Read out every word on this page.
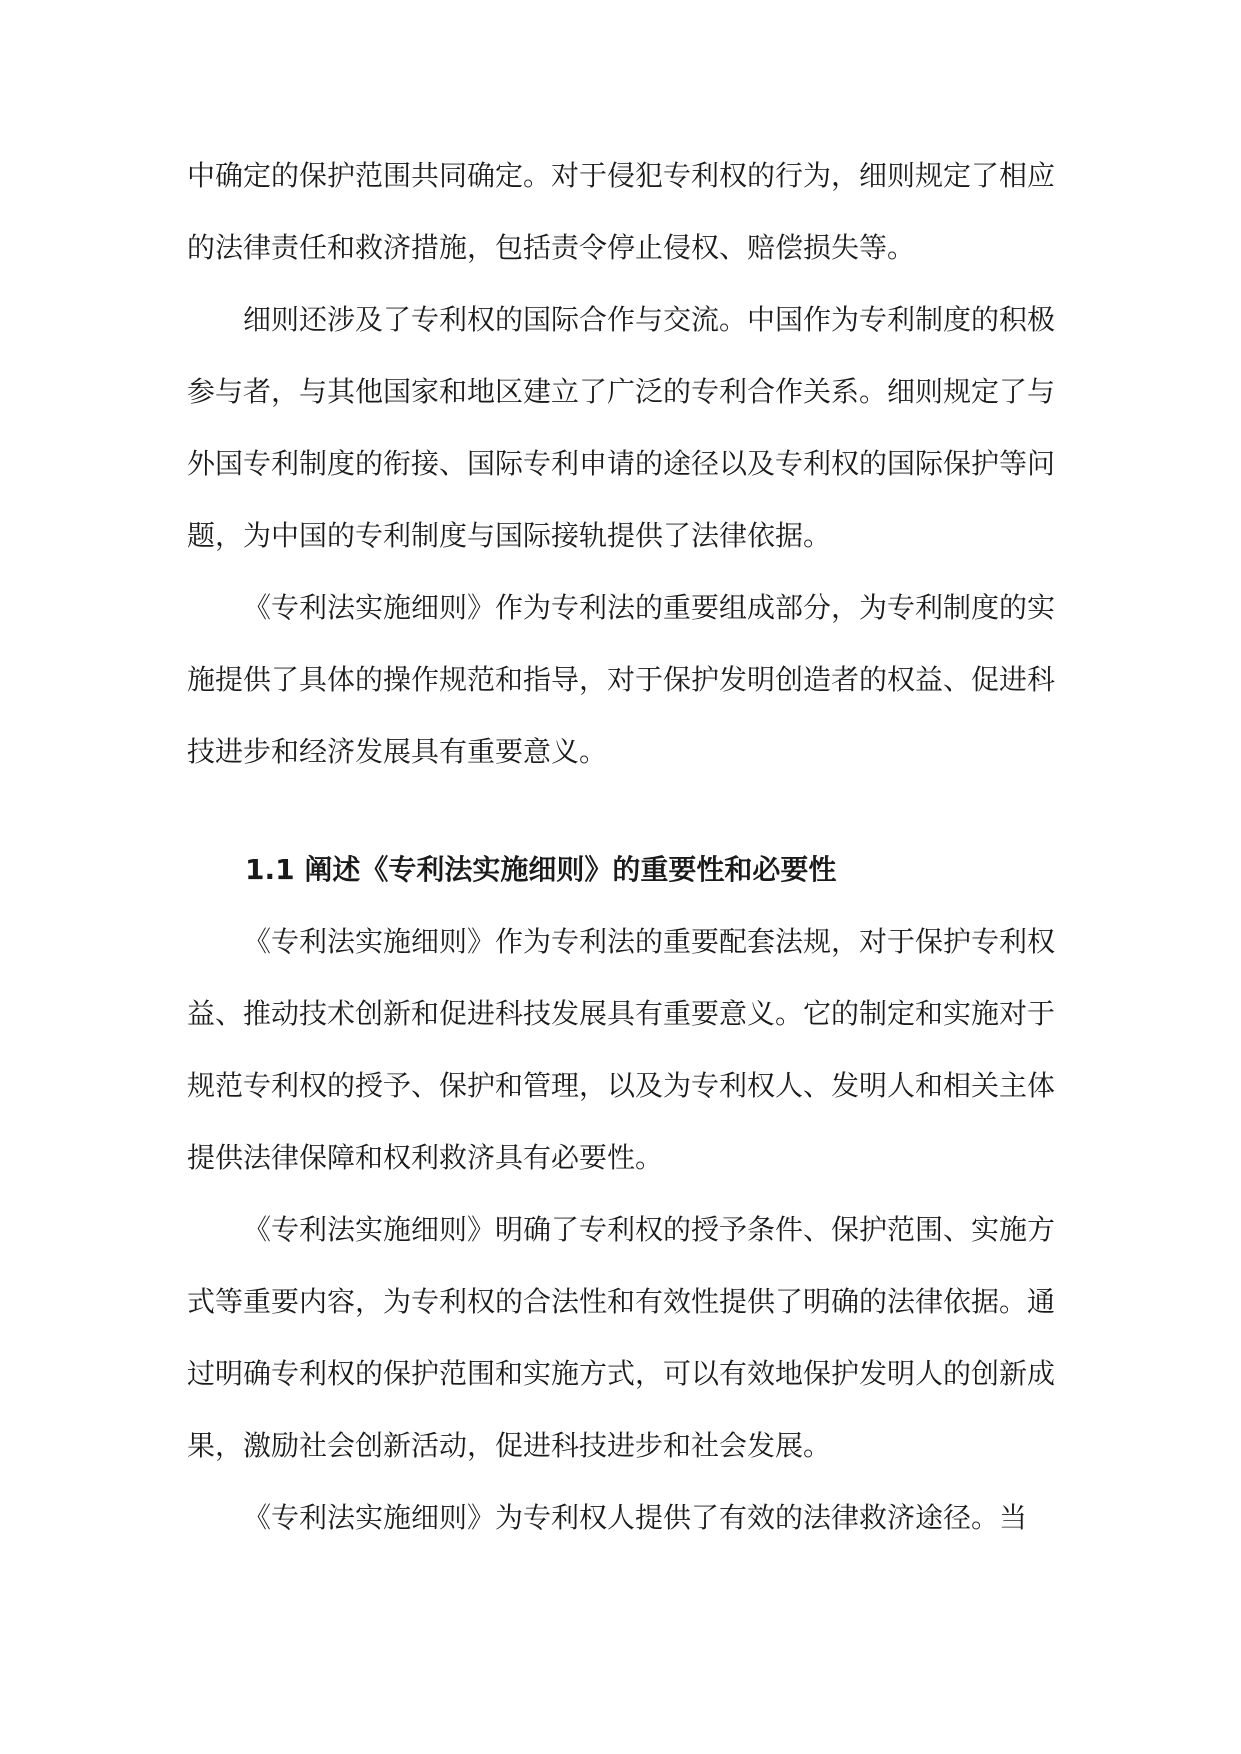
中确定的保护范围共同确定。对于侵犯专利权的行为，细则规定了相应的法律责任和救济措施，包括责令停止侵权、赔偿损失等。

细则还涉及了专利权的国际合作与交流。中国作为专利制度的积极参与者，与其他国家和地区建立了广泛的专利合作关系。细则规定了与外国专利制度的衔接、国际专利申请的途径以及专利权的国际保护等问题，为中国的专利制度与国际接轨提供了法律依据。

《专利法实施细则》作为专利法的重要组成部分，为专利制度的实施提供了具体的操作规范和指导，对于保护发明创造者的权益、促进科技进步和经济发展具有重要意义。

1.1 阐述《专利法实施细则》的重要性和必要性

《专利法实施细则》作为专利法的重要配套法规，对于保护专利权益、推动技术创新和促进科技发展具有重要意义。它的制定和实施对于规范专利权的授予、保护和管理，以及为专利权人、发明人和相关主体提供法律保障和权利救济具有必要性。

《专利法实施细则》明确了专利权的授予条件、保护范围、实施方式等重要内容，为专利权的合法性和有效性提供了明确的法律依据。通过明确专利权的保护范围和实施方式，可以有效地保护发明人的创新成果，激励社会创新活动，促进科技进步和社会发展。

《专利法实施细则》为专利权人提供了有效的法律救济途径。当
